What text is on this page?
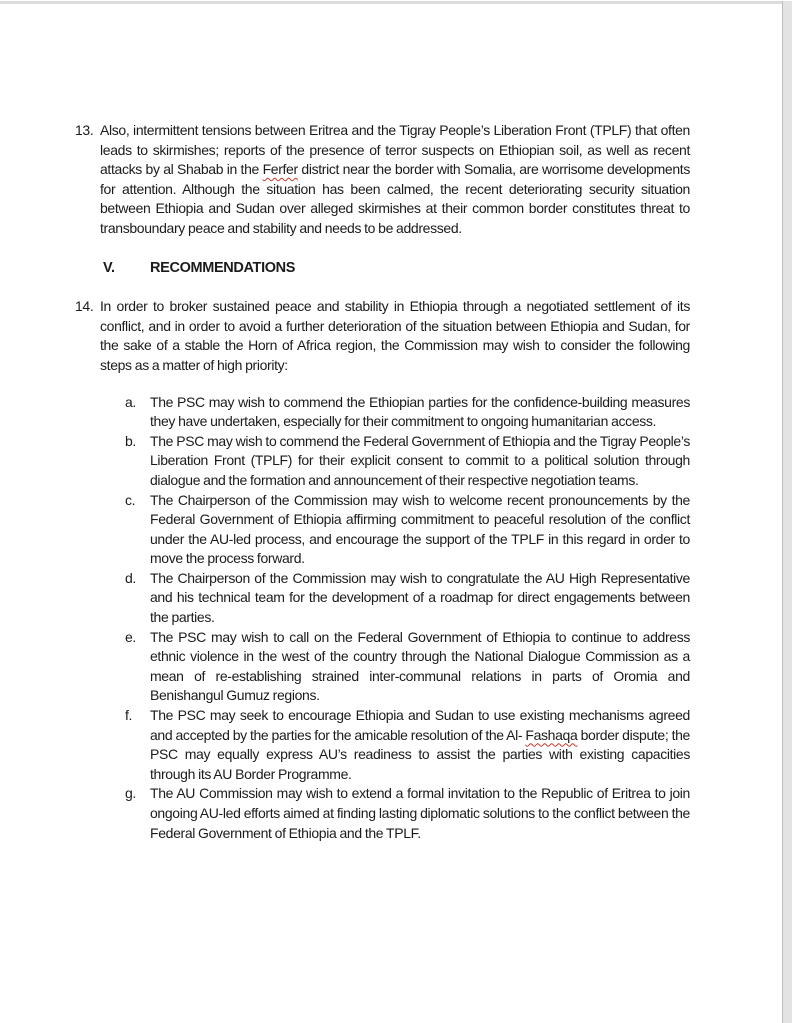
13. Also, intermittent tensions between Eritrea and the Tigray People’s Liberation Front (TPLF) that often leads to skirmishes; reports of the presence of terror suspects on Ethiopian soil, as well as recent attacks by al Shabab in the Ferfer district near the border with Somalia, are worrisome developments for attention. Although the situation has been calmed, the recent deteriorating security situation between Ethiopia and Sudan over alleged skirmishes at their common border constitutes threat to transboundary peace and stability and needs to be addressed.
V. RECOMMENDATIONS
14. In order to broker sustained peace and stability in Ethiopia through a negotiated settlement of its conflict, and in order to avoid a further deterioration of the situation between Ethiopia and Sudan, for the sake of a stable the Horn of Africa region, the Commission may wish to consider the following steps as a matter of high priority:
a. The PSC may wish to commend the Ethiopian parties for the confidence-building measures they have undertaken, especially for their commitment to ongoing humanitarian access.
b. The PSC may wish to commend the Federal Government of Ethiopia and the Tigray People’s Liberation Front (TPLF) for their explicit consent to commit to a political solution through dialogue and the formation and announcement of their respective negotiation teams.
c. The Chairperson of the Commission may wish to welcome recent pronouncements by the Federal Government of Ethiopia affirming commitment to peaceful resolution of the conflict under the AU-led process, and encourage the support of the TPLF in this regard in order to move the process forward.
d. The Chairperson of the Commission may wish to congratulate the AU High Representative and his technical team for the development of a roadmap for direct engagements between the parties.
e. The PSC may wish to call on the Federal Government of Ethiopia to continue to address ethnic violence in the west of the country through the National Dialogue Commission as a mean of re-establishing strained inter-communal relations in parts of Oromia and Benishangul Gumuz regions.
f. The PSC may seek to encourage Ethiopia and Sudan to use existing mechanisms agreed and accepted by the parties for the amicable resolution of the Al- Fashaqa border dispute; the PSC may equally express AU’s readiness to assist the parties with existing capacities through its AU Border Programme.
g. The AU Commission may wish to extend a formal invitation to the Republic of Eritrea to join ongoing AU-led efforts aimed at finding lasting diplomatic solutions to the conflict between the Federal Government of Ethiopia and the TPLF.
